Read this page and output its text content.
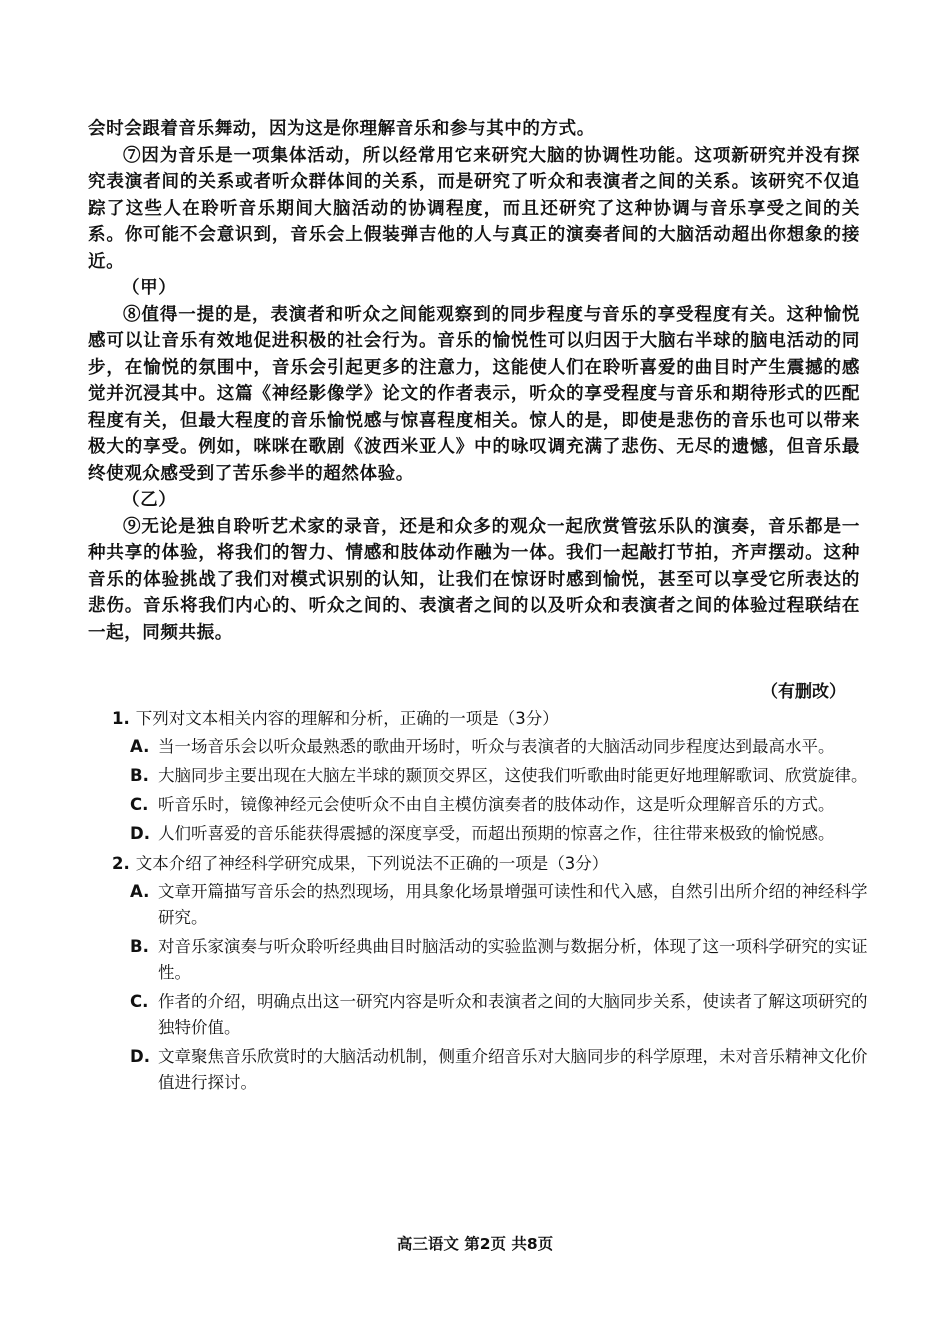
会时会跟着音乐舞动，因为这是你理解音乐和参与其中的方式。

⑦因为音乐是一项集体活动，所以经常用它来研究大脑的协调性功能。这项新研究并没有探究表演者间的关系或者听众群体间的关系，而是研究了听众和表演者之间的关系。该研究不仅追踪了这些人在聆听音乐期间大脑活动的协调程度，而且还研究了这种协调与音乐享受之间的关系。你可能不会意识到，音乐会上假装弹吉他的人与真正的演奏者间的大脑活动超出你想象的接近。

（甲）

⑧值得一提的是，表演者和听众之间能观察到的同步程度与音乐的享受程度有关。这种愉悦感可以让音乐有效地促进积极的社会行为。音乐的愉悦性可以归因于大脑右半球的脑电活动的同步，在愉悦的氛围中，音乐会引起更多的注意力，这能使人们在聆听喜爱的曲目时产生震撼的感觉并沉浸其中。这篇《神经影像学》论文的作者表示，听众的享受程度与音乐和期待形式的匹配程度有关，但最大程度的音乐愉悦感与惊喜程度相关。惊人的是，即使是悲伤的音乐也可以带来极大的享受。例如，咪咪在歌剧《波西米亚人》中的咏叹调充满了悲伤、无尽的遗憾，但音乐最终使观众感受到了苦乐参半的超然体验。

（乙）

⑨无论是独自聆听艺术家的录音，还是和众多的观众一起欣赏管弦乐队的演奏，音乐都是一种共享的体验，将我们的智力、情感和肢体动作融为一体。我们一起敲打节拍，齐声摆动。这种音乐的体验挑战了我们对模式识别的认知，让我们在惊讶时感到愉悦，甚至可以享受它所表达的悲伤。音乐将我们内心的、听众之间的、表演者之间的以及听众和表演者之间的体验过程联结在一起，同频共振。

（有删改）
1. 下列对文本相关内容的理解和分析，正确的一项是（3分）
A. 当一场音乐会以听众最熟悉的歌曲开场时，听众与表演者的大脑活动同步程度达到最高水平。
B. 大脑同步主要出现在大脑左半球的颞顶交界区，这使我们听歌曲时能更好地理解歌词、欣赏旋律。
C. 听音乐时，镜像神经元会使听众不由自主模仿演奏者的肢体动作，这是听众理解音乐的方式。
D. 人们听喜爱的音乐能获得震撼的深度享受，而超出预期的惊喜之作，往往带来极致的愉悦感。
2. 文本介绍了神经科学研究成果，下列说法不正确的一项是（3分）
A. 文章开篇描写音乐会的热烈现场，用具象化场景增强可读性和代入感，自然引出所介绍的神经科学研究。
B. 对音乐家演奏与听众聆听经典曲目时脑活动的实验监测与数据分析，体现了这一项科学研究的实证性。
C. 作者的介绍，明确点出这一研究内容是听众和表演者之间的大脑同步关系，使读者了解这项研究的独特价值。
D. 文章聚焦音乐欣赏时的大脑活动机制，侧重介绍音乐对大脑同步的科学原理，未对音乐精神文化价值进行探讨。
高三语文 第2页 共8页
